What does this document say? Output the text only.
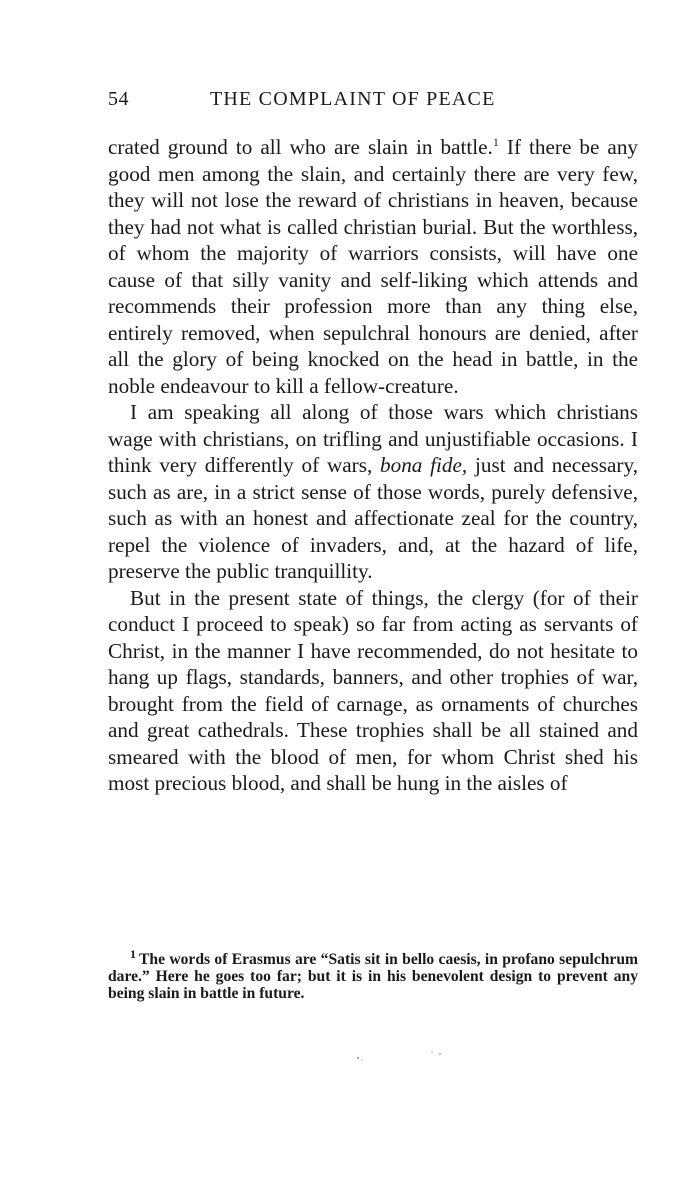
54	THE COMPLAINT OF PEACE

crated ground to all who are slain in battle.$^1$ If there be any good men among the slain, and certainly there are very few, they will not lose the reward of christians in heaven, because they had not what is called christian burial. But the worthless, of whom the majority of warriors consists, will have one cause of that silly vanity and self-liking which attends and recommends their profession more than any thing else, entirely removed, when sepulchral honours are denied, after all the glory of being knocked on the head in battle, in the noble endeavour to kill a fellow-creature.

I am speaking all along of those wars which christians wage with christians, on trifling and unjustifiable occasions. I think very differently of wars, bona fide, just and necessary, such as are, in a strict sense of those words, purely defensive, such as with an honest and affectionate zeal for the country, repel the violence of invaders, and, at the hazard of life, preserve the public tranquillity.

But in the present state of things, the clergy (for of their conduct I proceed to speak) so far from acting as servants of Christ, in the manner I have recommended, do not hesitate to hang up flags, standards, banners, and other trophies of war, brought from the field of carnage, as ornaments of churches and great cathedrals. These trophies shall be all stained and smeared with the blood of men, for whom Christ shed his most precious blood, and shall be hung in the aisles of

$^1$ The words of Erasmus are “Satis sit in bello caesis, in profano sepulchrum dare.” Here he goes too far; but it is in his benevolent design to prevent any being slain in battle in future.
